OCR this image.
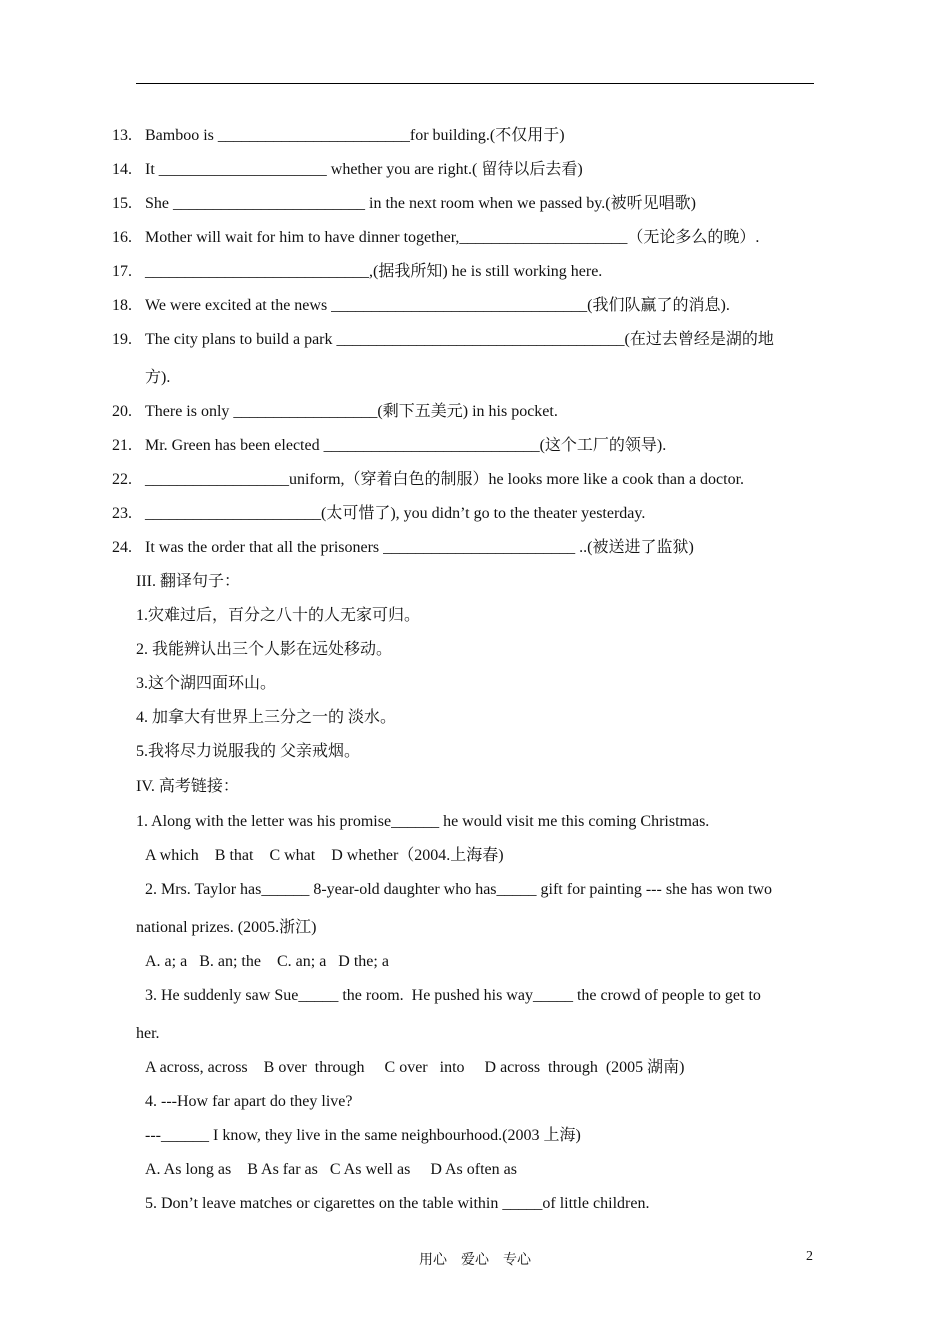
13. Bamboo is ________________________for building.(不仅用于)
14. It _____________________ whether you are right.( 留待以后去看)
15. She ________________________ in the next room when we passed by.(被听见唱歌)
16. Mother will wait for him to have dinner together,_____________________（无论多么的晚）.
17. ____________________________,(据我所知) he is still working here.
18. We were excited at the news ________________________________(我们队赢了的消息).
19. The city plans to build a park ____________________________________(在过去曾经是湖的地
方).
20. There is only __________________(剩下五美元) in his pocket.
21. Mr. Green has been elected ___________________________(这个工厂的领导).
22. __________________uniform,（穿着白色的制服）he looks more like a cook than a doctor.
23. ______________________(太可惜了), you didn’t go to the theater yesterday.
24. It was the order that all the prisoners ________________________ ..(被送进了监狱)
III. 翻译句子：
1.灾难过后，百分之八十的人无家可归。
2. 我能辨认出三个人影在远处移动。
3.这个湖四面环山。
4. 加拿大有世界上三分之一的 淡水。
5.我将尽力说服我的 父亲戒烟。
IV. 高考链接：
1. Along with the letter was his promise______ he would visit me this coming Christmas.
A which    B that    C what    D whether（2004.上海春)
2. Mrs. Taylor has______ 8-year-old daughter who has_____ gift for painting --- she has won two
national prizes. (2005.浙江)
A. a; a   B. an; the    C. an; a   D the; a
3. He suddenly saw Sue_____ the room.  He pushed his way_____ the crowd of people to get to
her.
A across, across    B over  through     C over   into     D across  through  (2005 湖南)
4. ---How far apart do they live?
---______ I know, they live in the same neighbourhood.(2003 上海)
A. As long as    B As far as   C As well as     D As often as
5. Don’t leave matches or cigarettes on the table within _____of little children.
用心　爱心　专心	2
